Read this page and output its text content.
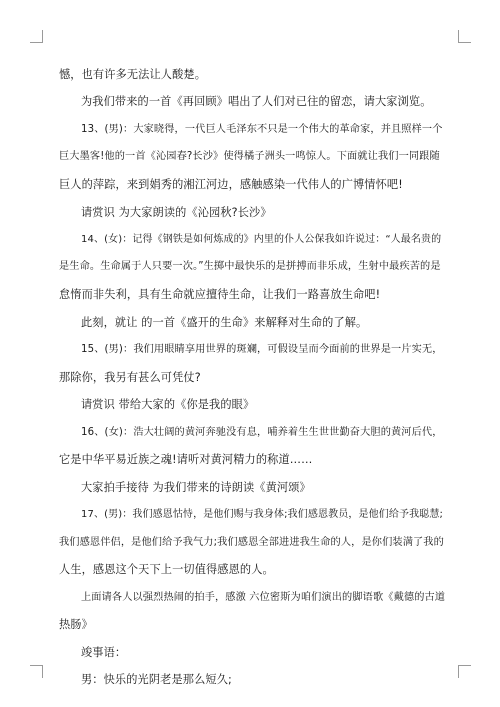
憾，也有许多无法让人酸楚。
为我们带来的一首《再回顾》唱出了人们对已往的留恋，请大家浏览。
13、(男)：大家晓得，一代巨人毛泽东不只是一个伟大的革命家，并且照样一个
巨大墨客!他的一首《沁园春?长沙》使得橘子洲头一鸣惊人。下面就让我们一同跟随
巨人的萍踪，来到娟秀的湘江河边，感触感染一代伟人的广博情怀吧!
请赏识 为大家朗读的《沁园秋?长沙》
14、(女)：记得《钢铁是如何炼成的》内里的仆人公保我如许说过：“人最名贵的
是生命。生命属于人只要一次。”生掷中最快乐的是拼搏而非乐成，生射中最疾苦的是
怠惰而非失利，具有生命就应擅待生命，让我们一路喜放生命吧!
此刻，就让 的一首《盛开的生命》来解释对生命的了解。
15、(男)：我们用眼睛享用世界的斑斓，可假设呈而今面前的世界是一片实无，
那除你，我另有甚么可凭仗?
请赏识 带给大家的《你是我的眼》
16、(女)：浩大壮阔的黄河奔驰没有息，哺养着生生世世勤奋大胆的黄河后代，
它是中华平易近族之魂!请听对黄河精力的称道……
大家拍手接待 为我们带来的诗朗读《黄河颂》
17、(男)：我们感恩怙恃，是他们赐与我身体;我们感恩教员，是他们给予我聪慧;
我们感恩伴侣，是他们给予我气力;我们感恩全部进进我生命的人，是你们装满了我的
人生，感恩这个天下上一切值得感恩的人。
上面请各人以强烈热闹的拍手，感激 六位密斯为咱们演出的脚语歌《戴德的古道
热肠》
竣事语：
男：快乐的光阴老是那么短久;
